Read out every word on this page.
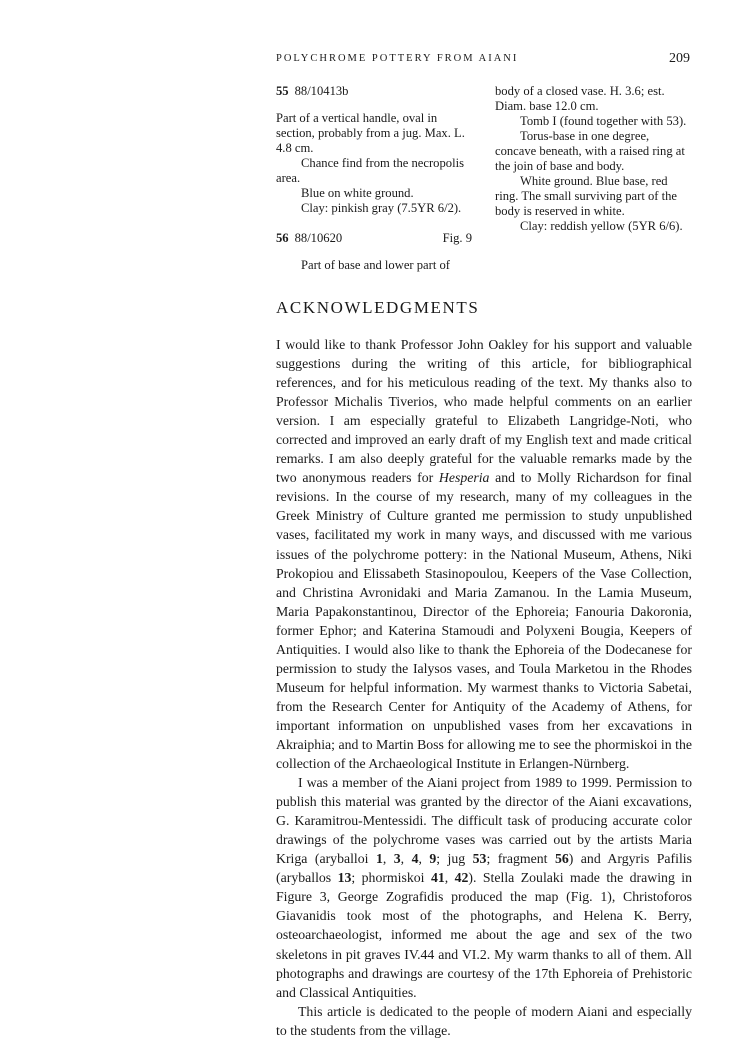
POLYCHROME POTTERY FROM AIANI	209
55 88/10413b

Part of a vertical handle, oval in section, probably from a jug. Max. L. 4.8 cm.

Chance find from the necropolis area.

Blue on white ground.

Clay: pinkish gray (7.5YR 6/2).

56 88/10620	Fig. 9

Part of base and lower part of

body of a closed vase. H. 3.6; est. Diam. base 12.0 cm.

Tomb I (found together with 53).

Torus-base in one degree, concave beneath, with a raised ring at the join of base and body.

White ground. Blue base, red ring. The small surviving part of the body is reserved in white.

Clay: reddish yellow (5YR 6/6).

ACKNOWLEDGMENTS

I would like to thank Professor John Oakley for his support and valuable suggestions during the writing of this article, for bibliographical references, and for his meticulous reading of the text. My thanks also to Professor Michalis Tiverios, who made helpful comments on an earlier version. I am especially grateful to Elizabeth Langridge-Noti, who corrected and improved an early draft of my English text and made critical remarks. I am also deeply grateful for the valuable remarks made by the two anonymous readers for Hesperia and to Molly Richardson for final revisions. In the course of my research, many of my colleagues in the Greek Ministry of Culture granted me permission to study unpublished vases, facilitated my work in many ways, and discussed with me various issues of the polychrome pottery: in the National Museum, Athens, Niki Prokopiou and Elissabeth Stasinopoulou, Keepers of the Vase Collection, and Christina Avronidaki and Maria Zamanou. In the Lamia Museum, Maria Papakonstantinou, Director of the Ephoreia; Fanouria Dakoronia, former Ephor; and Katerina Stamoudi and Polyxeni Bougia, Keepers of Antiquities. I would also like to thank the Ephoreia of the Dodecanese for permission to study the Ialysos vases, and Toula Marketou in the Rhodes Museum for helpful information. My warmest thanks to Victoria Sabetai, from the Research Center for Antiquity of the Academy of Athens, for important information on unpublished vases from her excavations in Akraiphia; and to Martin Boss for allowing me to see the phormiskoi in the collection of the Archaeological Institute in Erlangen-Nürnberg.

I was a member of the Aiani project from 1989 to 1999. Permission to publish this material was granted by the director of the Aiani excavations, G. Karamitrou-Mentessidi. The difficult task of producing accurate color drawings of the polychrome vases was carried out by the artists Maria Kriga (aryballoi 1, 3, 4, 9; jug 53; fragment 56) and Argyris Pafilis (aryballos 13; phormiskoi 41, 42). Stella Zoulaki made the drawing in Figure 3, George Zografidis produced the map (Fig. 1), Christoforos Giavanidis took most of the photographs, and Helena K. Berry, osteoarchaeologist, informed me about the age and sex of the two skeletons in pit graves IV.44 and VI.2. My warm thanks to all of them. All photographs and drawings are courtesy of the 17th Ephoreia of Prehistoric and Classical Antiquities.

This article is dedicated to the people of modern Aiani and especially to the students from the village.
